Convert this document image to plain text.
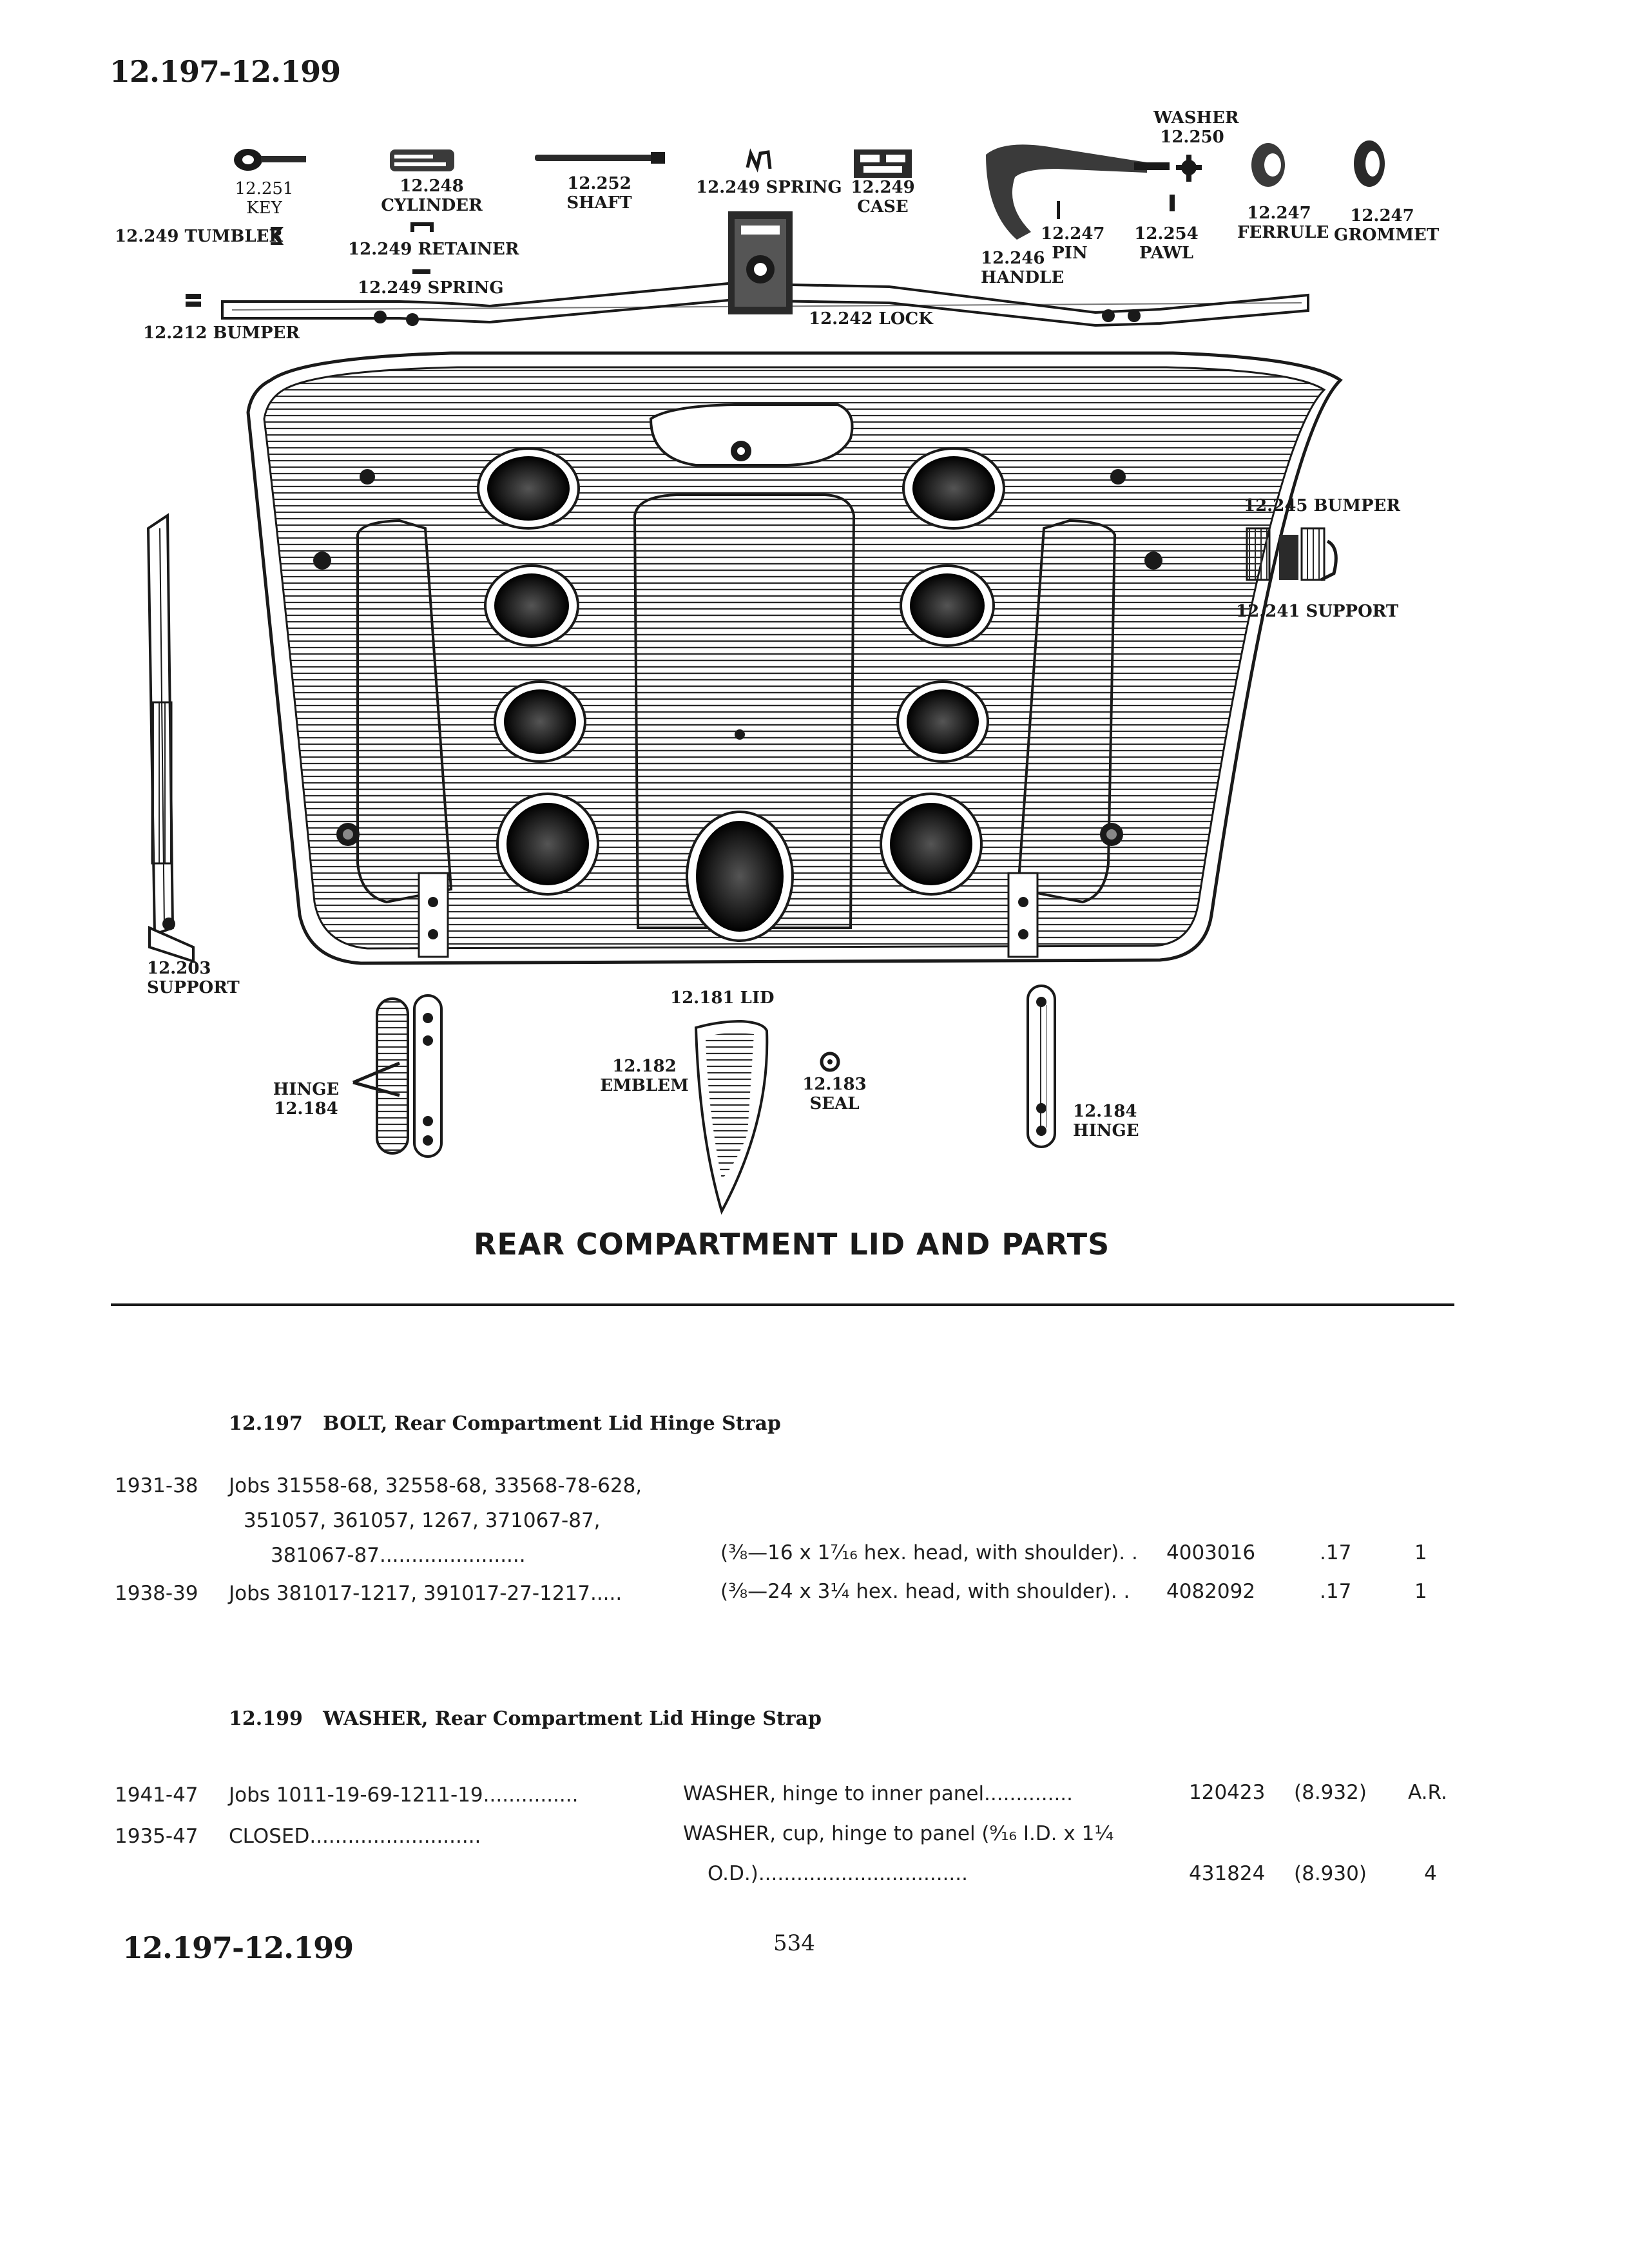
12.197-12.199
12.251
KEY
12.248
CYLINDER
12.252
SHAFT
12.249 SPRING 12.249
CASE
WASHER
12.250
12.247
FERRULE
12.247
GROMMET
12.249 TUMBLER
12.249 RETAINER
12.249 SPRING
12.247
PIN
12.254
PAWL
12.246
HANDLE
12.212 BUMPER
12.242 LOCK
12.245 BUMPER
12.241 SUPPORT
12.203
SUPPORT
12.181 LID
HINGE
12.184
12.182
EMBLEM	12.183
SEAL	12.184
HINGE
REAR COMPARTMENT LID AND PARTS
12.197 BOLT, Rear Compartment Lid Hinge Strap
1931-38 Jobs 31558-68, 32558-68, 33568-78-628,
351057, 361057, 1267, 371067-87,
381067-87.......................	(⅜—16 x 1⁷⁄₁₆ hex. head, with shoulder). . 4003016	.17	1
1938-39 Jobs 381017-1217, 391017-27-1217.....	(⅜—24 x 3¼ hex. head, with shoulder). . 4082092	.17	1
12.199 WASHER, Rear Compartment Lid Hinge Strap
1941-47 Jobs 1011-19-69-1211-19...............	WASHER, hinge to inner panel..............	120423 (8.932) A.R.
1935-47 CLOSED...........................	WASHER, cup, hinge to panel (⁹⁄₁₆ I.D. x 1¼
O.D.).................................	431824 (8.930)	4
12.197-12.199	534
